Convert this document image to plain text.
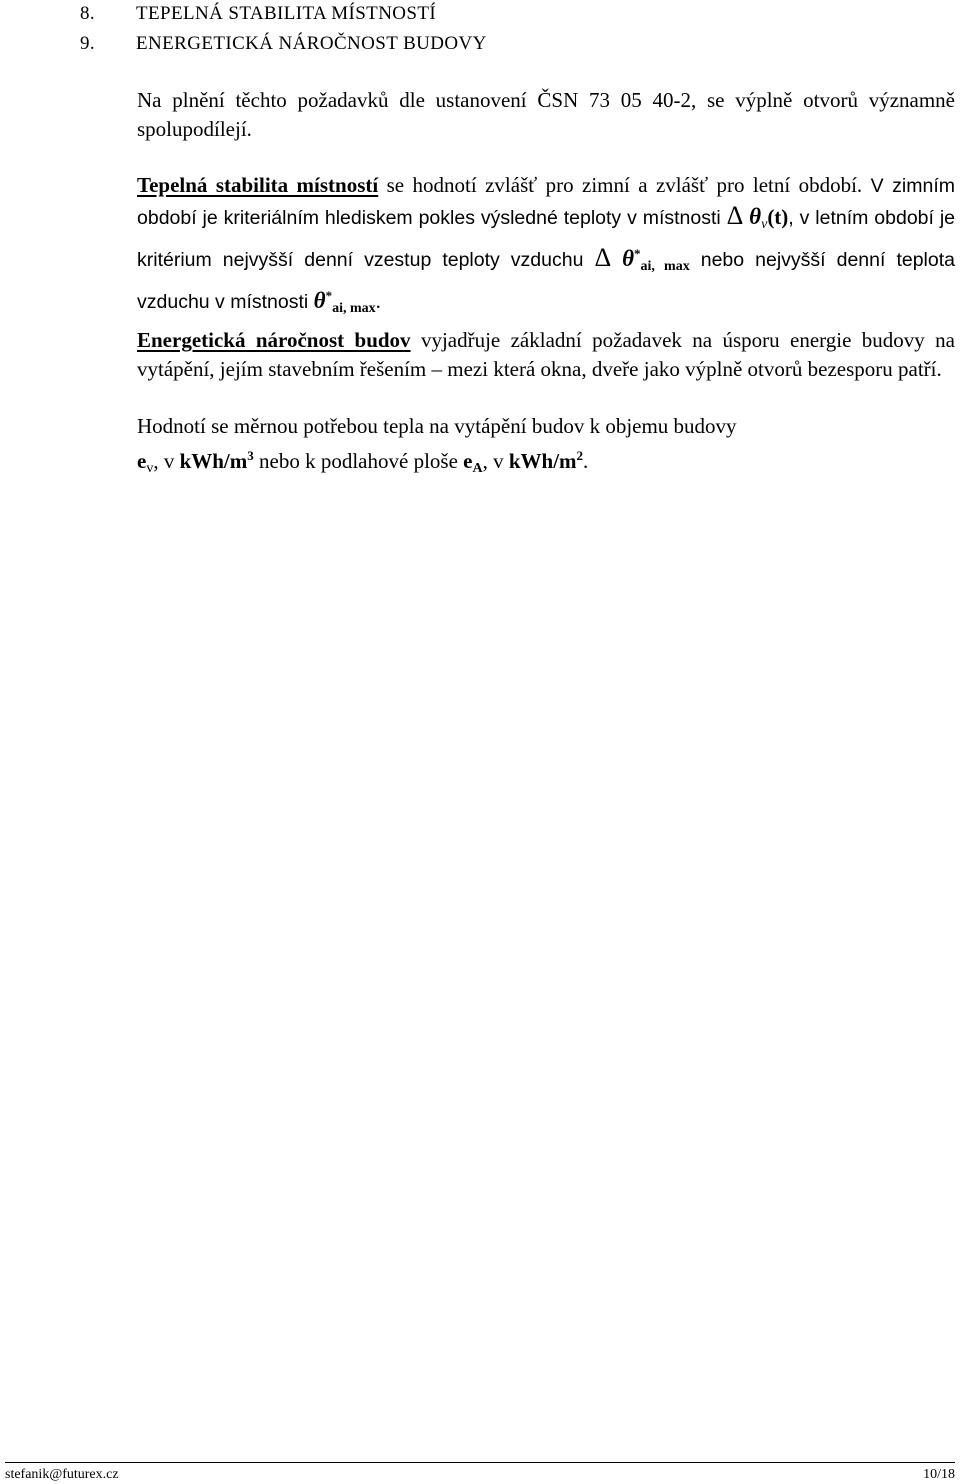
8. TEPELNÁ STABILITA MÍSTNOSTÍ
9. ENERGETICKÁ NÁROČNOST BUDOVY

Na plnění těchto požadavků dle ustanovení ČSN 73 05 40-2, se výplně otvorů významně spolupodílejí.

Tepelná stabilita místností se hodnotí zvlášť pro zimní a zvlášť pro letní období. V zimním období je kriteriálním hlediskem pokles výsledné teploty v místnosti Δ $\theta_v(t)$, v letním období je kritérium nejvyšší denní vzestup teploty vzduchu Δ θ*ai, max nebo nejvyšší denní teplota vzduchu v místnosti θ*ai, max.

Energetická náročnost budov vyjadřuje základní požadavek na úsporu energie budovy na vytápění, jejím stavebním řešením – mezi která okna, dveře jako výplně otvorů bezesporu patří.

Hodnotí se měrnou potřebou tepla na vytápění budov k objemu budovy
$e_v$, v kWh/$m^3$ nebo k podlahové ploše eA, v kWh/$m^2$.

stefanik@futurex.cz	10/18
